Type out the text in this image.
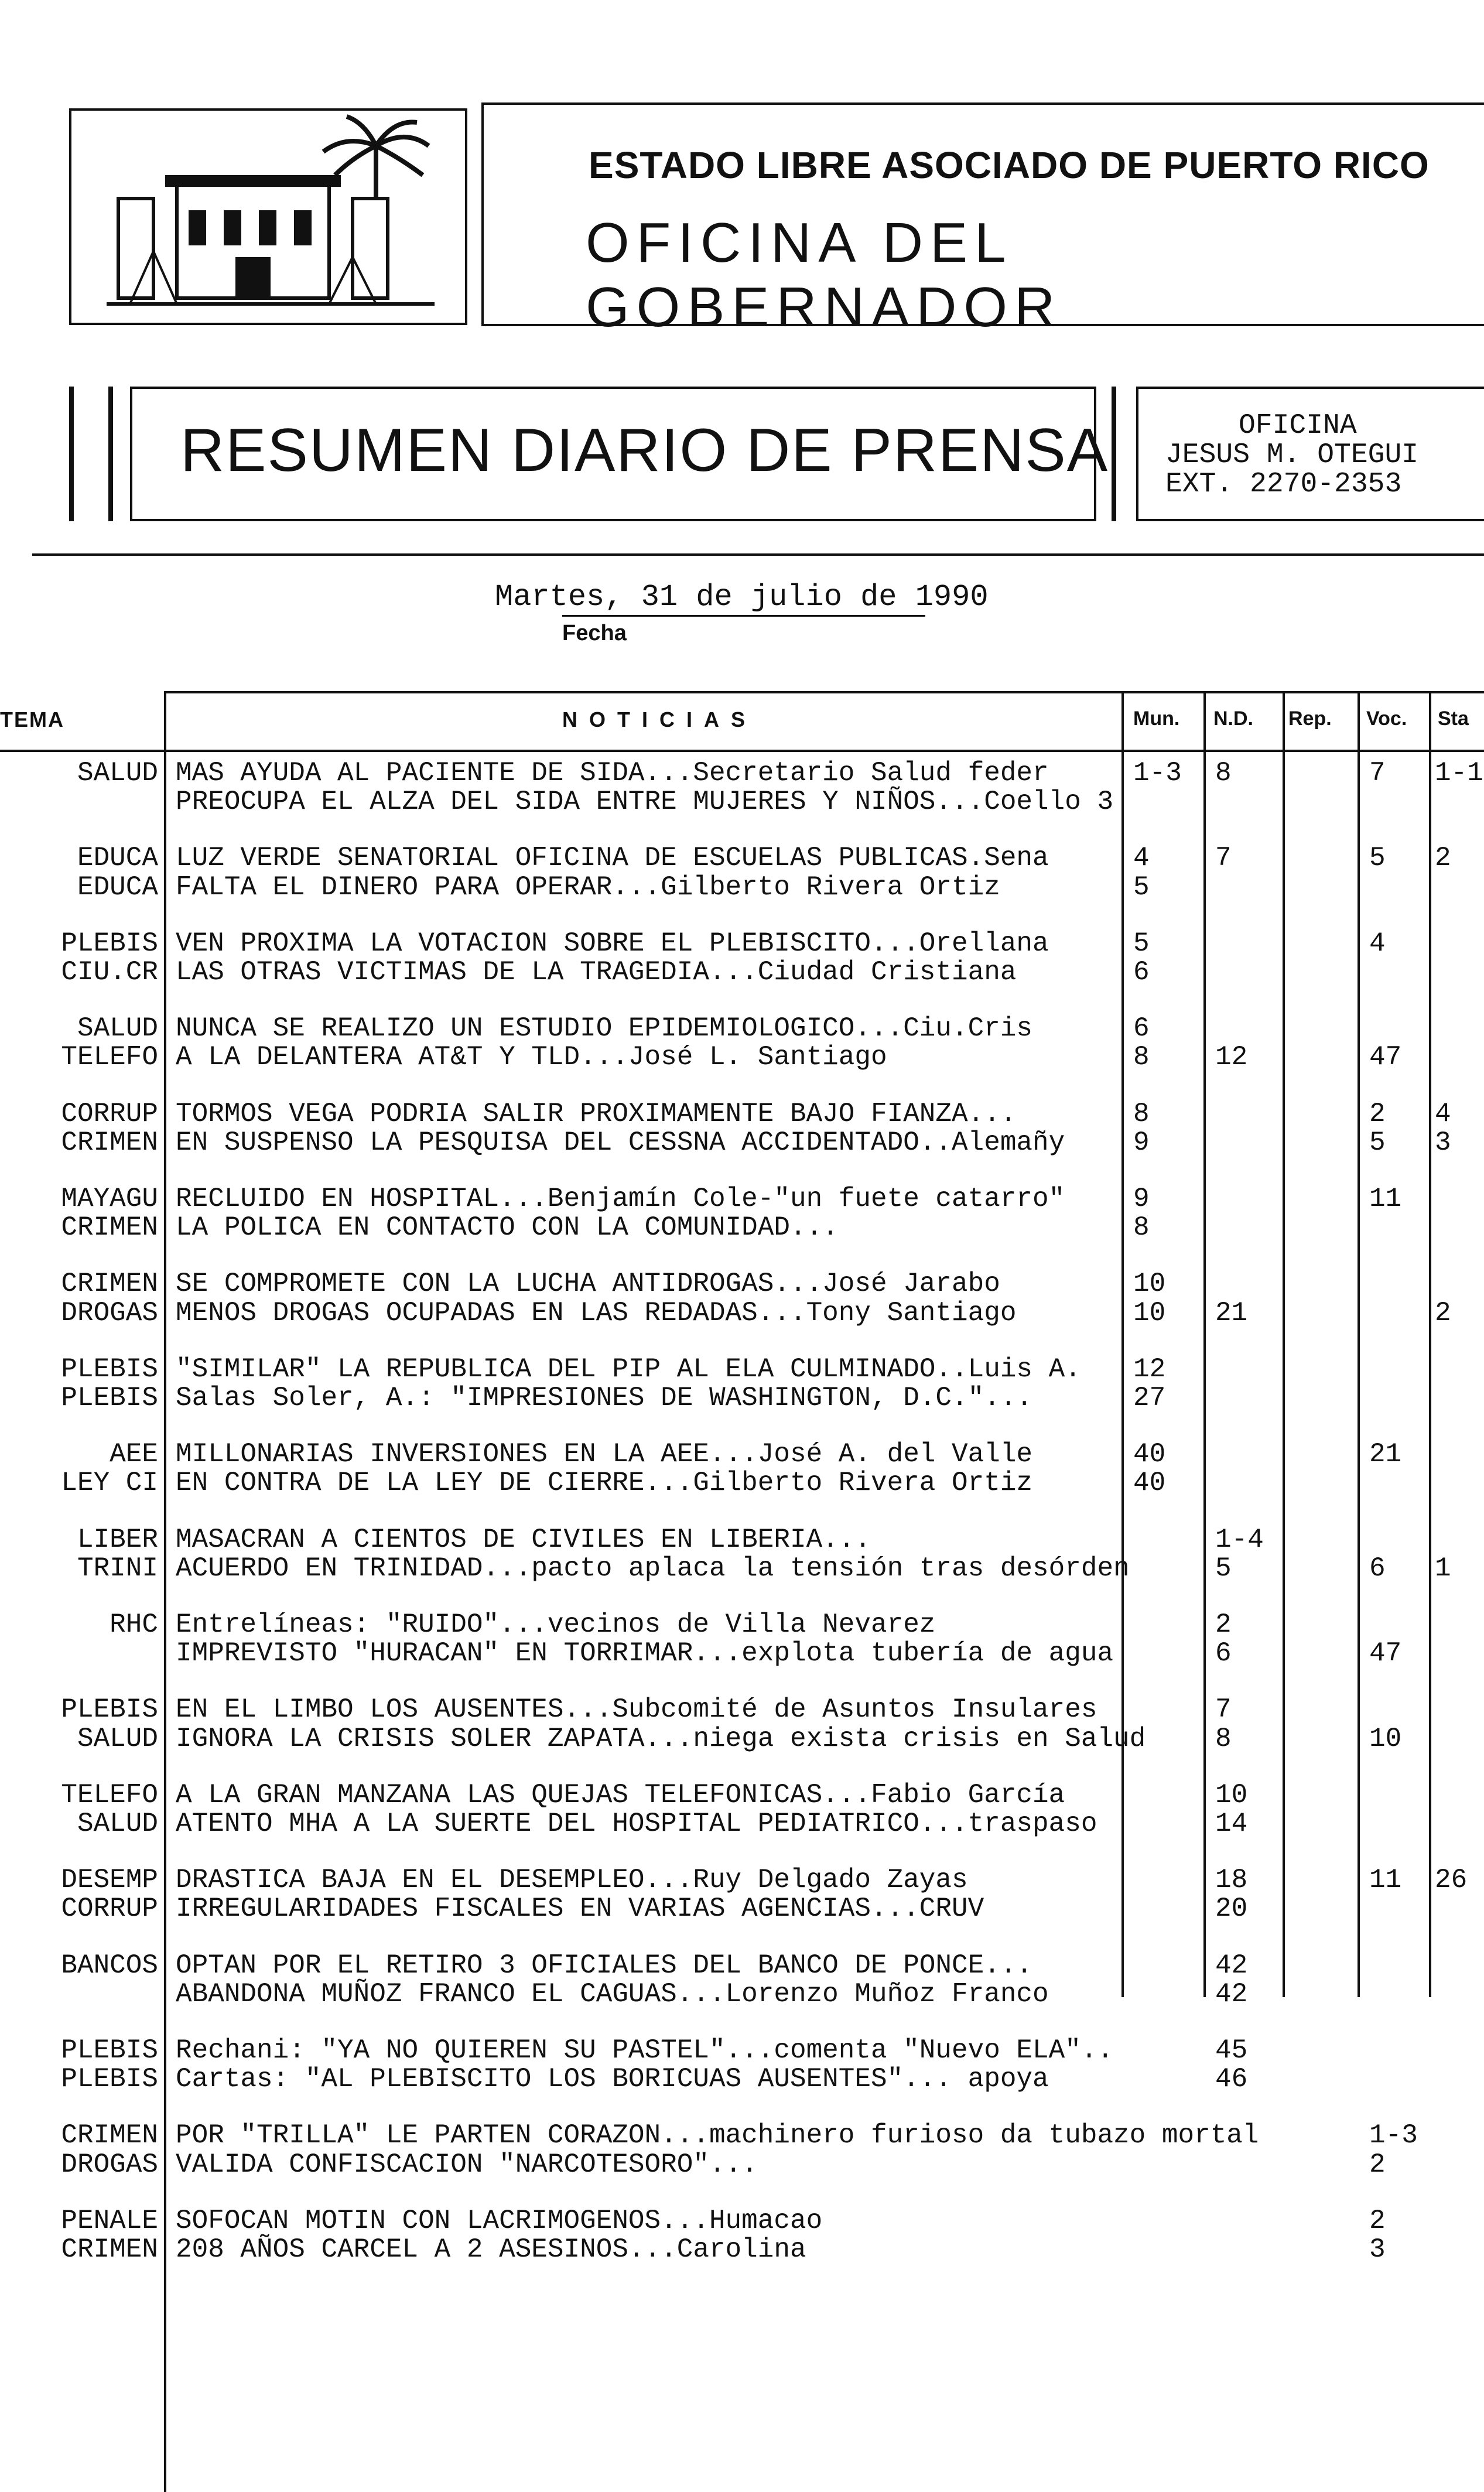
ESTADO LIBRE ASOCIADO DE PUERTO RICO
OFICINA DEL GOBERNADOR
RESUMEN DIARIO DE PRENSA	OFICINA
JESUS M. OTEGUI
EXT. 2270-2353
Martes, 31 de julio de 1990
Fecha
TEMA	NOTICIAS	Mun. N.D. Rep. Voc. Sta
SALUD MAS AYUDA AL PACIENTE DE SIDA...Secretario Salud feder	1-3 8	7 1-1
PREOCUPA EL ALZA DEL SIDA ENTRE MUJERES Y NIÑOS...Coello 3
EDUCA LUZ VERDE SENATORIAL OFICINA DE ESCUELAS PUBLICAS.Sena	4 7	5 2
EDUCA FALTA EL DINERO PARA OPERAR...Gilberto Rivera Ortiz	5
PLEBIS VEN PROXIMA LA VOTACION SOBRE EL PLEBISCITO...Orellana	5	4
CIU.CR LAS OTRAS VICTIMAS DE LA TRAGEDIA...Ciudad Cristiana	6
SALUD NUNCA SE REALIZO UN ESTUDIO EPIDEMIOLOGICO...Ciu.Cris	6
TELEFO A LA DELANTERA AT&T Y TLD...José L. Santiago	8 12	47
CORRUP TORMOS VEGA PODRIA SALIR PROXIMAMENTE BAJO FIANZA...	8	2 4
CRIMEN EN SUSPENSO LA PESQUISA DEL CESSNA ACCIDENTADO..Alemañy	9	5 3
MAYAGU RECLUIDO EN HOSPITAL...Benjamín Cole-"un fuete catarro"	9	11
CRIMEN LA POLICA EN CONTACTO CON LA COMUNIDAD...	8
CRIMEN SE COMPROMETE CON LA LUCHA ANTIDROGAS...José Jarabo	10
DROGAS MENOS DROGAS OCUPADAS EN LAS REDADAS...Tony Santiago	10 21	2
PLEBIS "SIMILAR" LA REPUBLICA DEL PIP AL ELA CULMINADO..Luis A. 12
PLEBIS Salas Soler, A.: "IMPRESIONES DE WASHINGTON, D.C."...	27
AEE MILLONARIAS INVERSIONES EN LA AEE...José A. del Valle	40	21
LEY CI EN CONTRA DE LA LEY DE CIERRE...Gilberto Rivera Ortiz	40
LIBER MASACRAN A CIENTOS DE CIVILES EN LIBERIA...	1-4
TRINI ACUERDO EN TRINIDAD...pacto aplaca la tensión tras desórden	5	6 1
RHC Entrelíneas: "RUIDO"...vecinos de Villa Nevarez	2
IMPREVISTO "HURACAN" EN TORRIMAR...explota tubería de agua	6	47
PLEBIS EN EL LIMBO LOS AUSENTES...Subcomité de Asuntos Insulares	7
SALUD IGNORA LA CRISIS SOLER ZAPATA...niega exista crisis en Salud	8	10
TELEFO A LA GRAN MANZANA LAS QUEJAS TELEFONICAS...Fabio García	10
SALUD ATENTO MHA A LA SUERTE DEL HOSPITAL PEDIATRICO...traspaso	14
DESEMP DRASTICA BAJA EN EL DESEMPLEO...Ruy Delgado Zayas	18	11 26
CORRUP IRREGULARIDADES FISCALES EN VARIAS AGENCIAS...CRUV	20
BANCOS OPTAN POR EL RETIRO 3 OFICIALES DEL BANCO DE PONCE...	42
ABANDONA MUÑOZ FRANCO EL CAGUAS...Lorenzo Muñoz Franco	42
PLEBIS Rechani: "YA NO QUIEREN SU PASTEL"...comenta "Nuevo ELA"..	45
PLEBIS Cartas: "AL PLEBISCITO LOS BORICUAS AUSENTES"... apoya	46
CRIMEN POR "TRILLA" LE PARTEN CORAZON...machinero furioso da tubazo mortal	1-3
DROGAS VALIDA CONFISCACION "NARCOTESORO"...	2
PENALE SOFOCAN MOTIN CON LACRIMOGENOS...Humacao	2
CRIMEN 208 AÑOS CARCEL A 2 ASESINOS...Carolina	3
